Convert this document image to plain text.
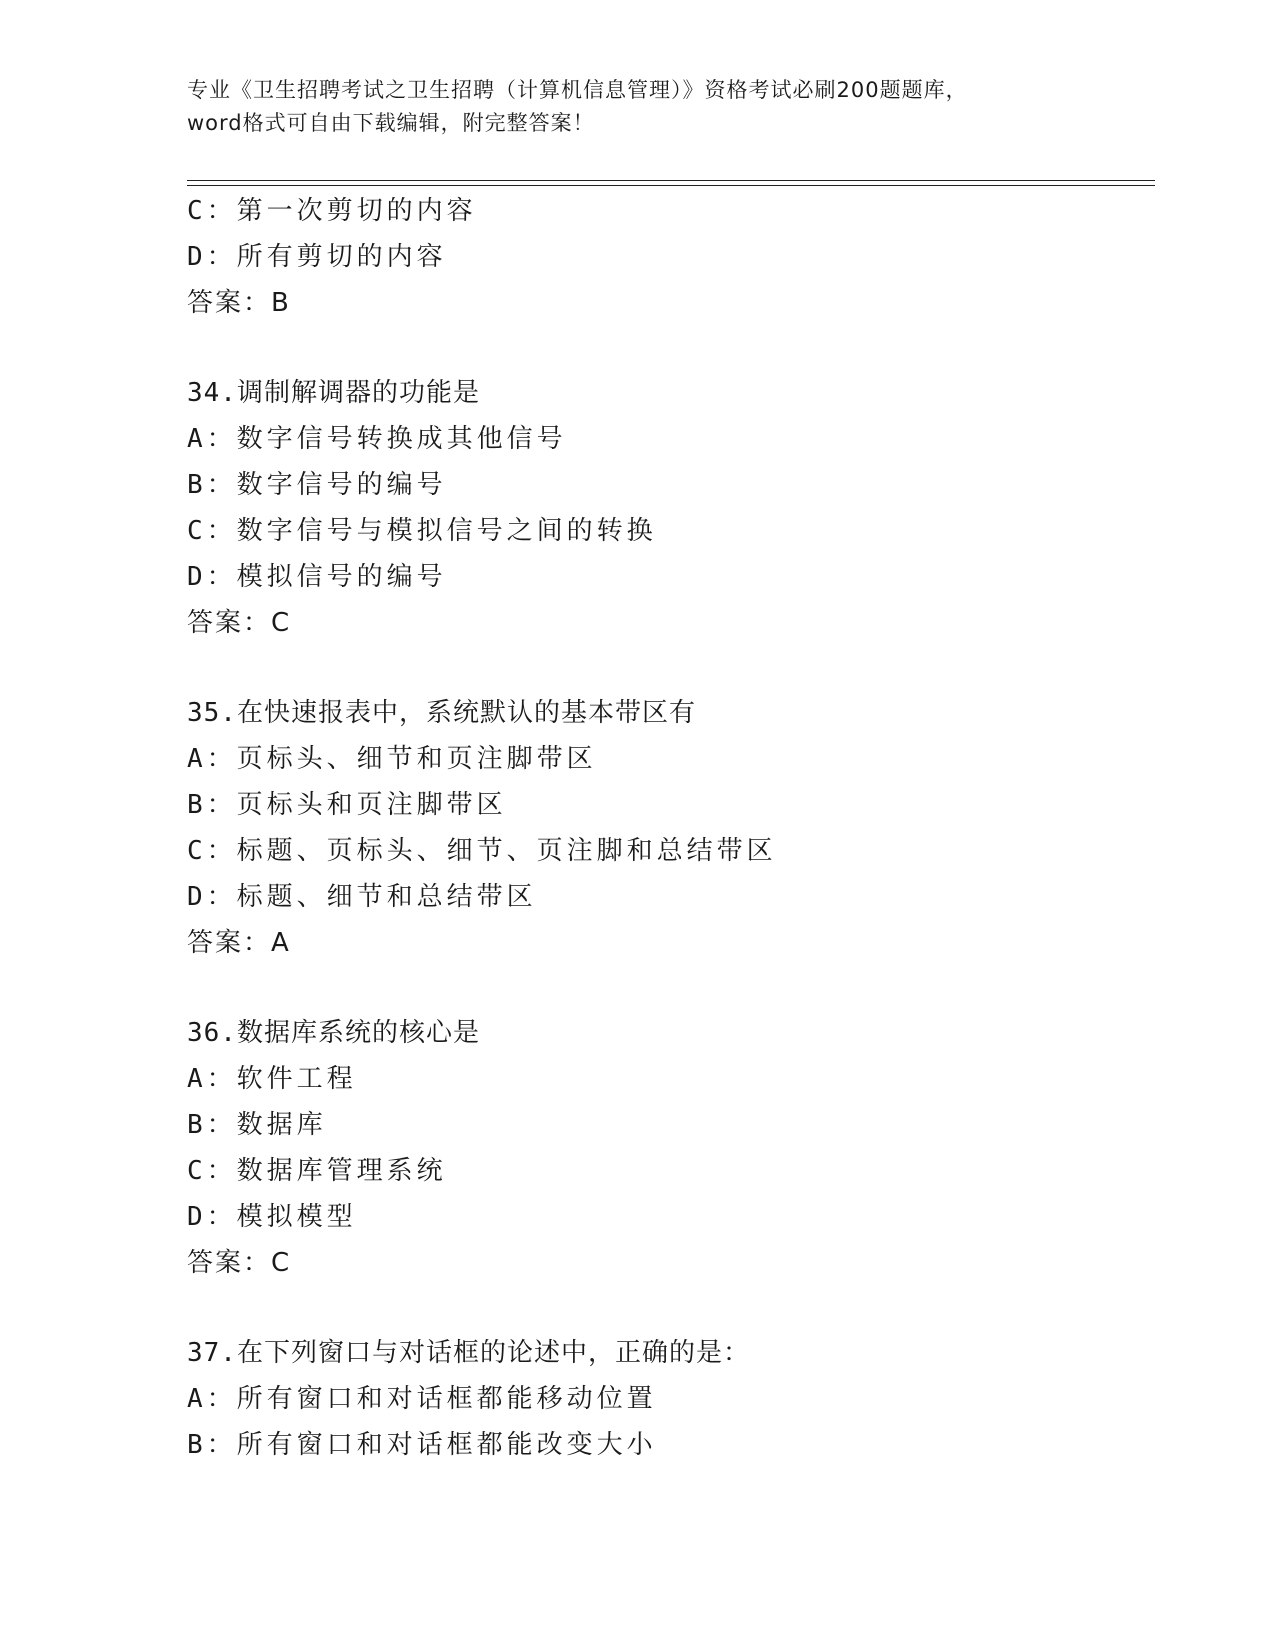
专业《卫生招聘考试之卫生招聘（计算机信息管理）》资格考试必刷200题题库，
word格式可自由下载编辑，附完整答案！
C：第一次剪切的内容
D：所有剪切的内容
答案：B
34.调制解调器的功能是
A：数字信号转换成其他信号
B：数字信号的编号
C：数字信号与模拟信号之间的转换
D：模拟信号的编号
答案：C
35.在快速报表中，系统默认的基本带区有
A：页标头、细节和页注脚带区
B：页标头和页注脚带区
C：标题、页标头、细节、页注脚和总结带区
D：标题、细节和总结带区
答案：A
36.数据库系统的核心是
A：软件工程
B：数据库
C：数据库管理系统
D：模拟模型
答案：C
37.在下列窗口与对话框的论述中，正确的是：
A：所有窗口和对话框都能移动位置
B：所有窗口和对话框都能改变大小
